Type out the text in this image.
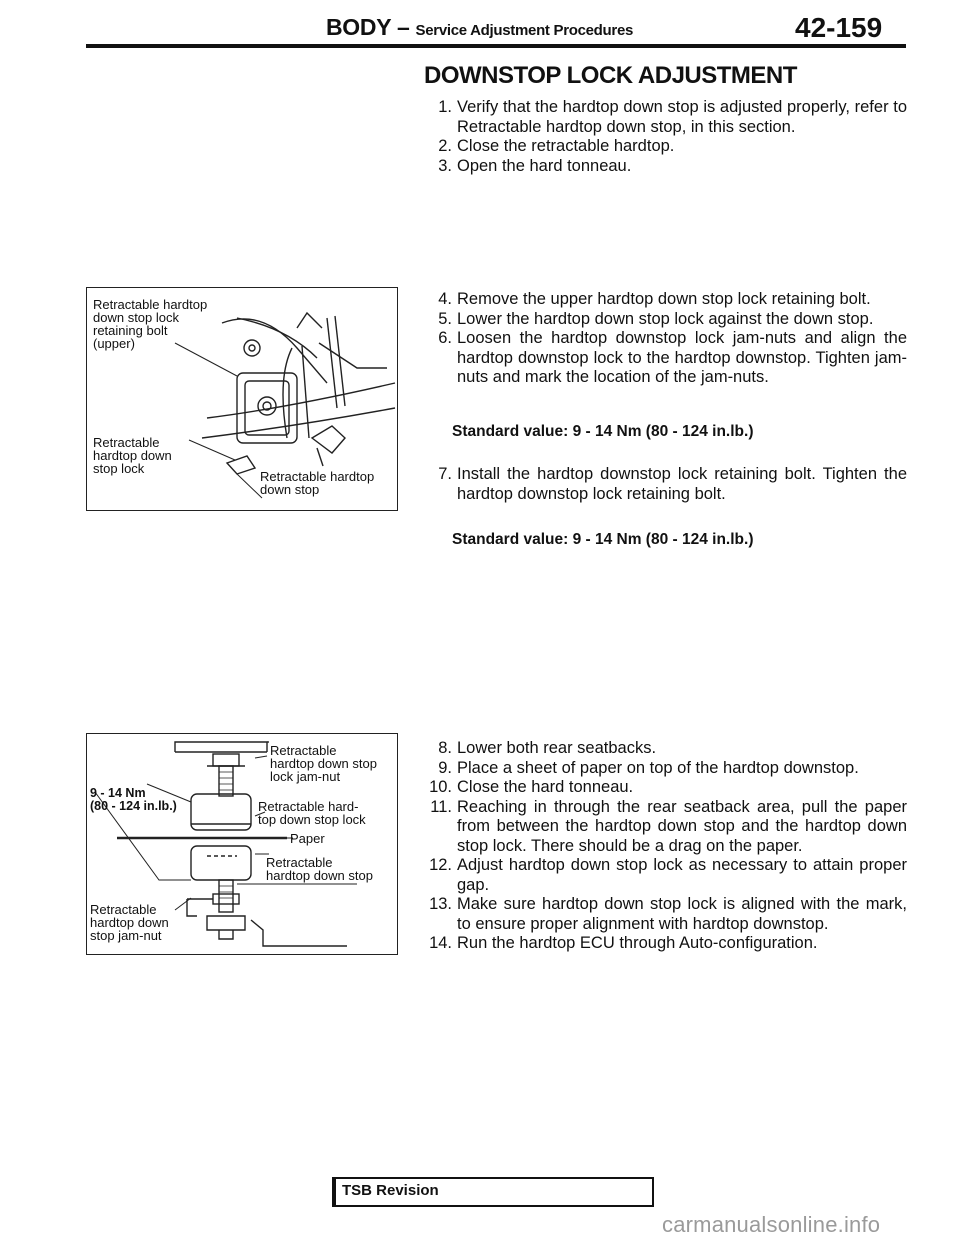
BODY – Service Adjustment Procedures	42-159
DOWNSTOP LOCK ADJUSTMENT
1. Verify that the hardtop down stop is adjusted properly, refer to Retractable hardtop down stop, in this section.
2. Close the retractable hardtop.
3. Open the hard tonneau.
4. Remove the upper hardtop down stop lock retaining bolt.
5. Lower the hardtop down stop lock against the down stop.
6. Loosen the hardtop downstop lock jam-nuts and align the hardtop downstop lock to the hardtop downstop. Tighten jam-nuts and mark the location of the jam-nuts.
Standard value: 9 - 14 Nm (80 - 124 in.lb.)
7. Install the hardtop downstop lock retaining bolt. Tighten the hardtop downstop lock retaining bolt.
Standard value: 9 - 14 Nm (80 - 124 in.lb.)
8. Lower both rear seatbacks.
9. Place a sheet of paper on top of the hardtop downstop.
10. Close the hard tonneau.
11. Reaching in through the rear seatback area, pull the paper from between the hardtop down stop and the hardtop down stop lock. There should be a drag on the paper.
12. Adjust hardtop down stop lock as necessary to attain proper gap.
13. Make sure hardtop down stop lock is aligned with the mark, to ensure proper alignment with hardtop downstop.
14. Run the hardtop ECU through Auto-configuration.
Retractable hardtop
down stop lock
retaining bolt
(upper)
Retractable
hardtop down
stop lock
Retractable hardtop
down stop
Retractable
hardtop down stop
lock jam-nut
9 - 14 Nm
(80 - 124 in.lb.)	Retractable hard-
top down stop lock
Paper
Retractable
hardtop down stop
Retractable
hardtop down
stop jam-nut
TSB Revision
carmanualsonline.info
